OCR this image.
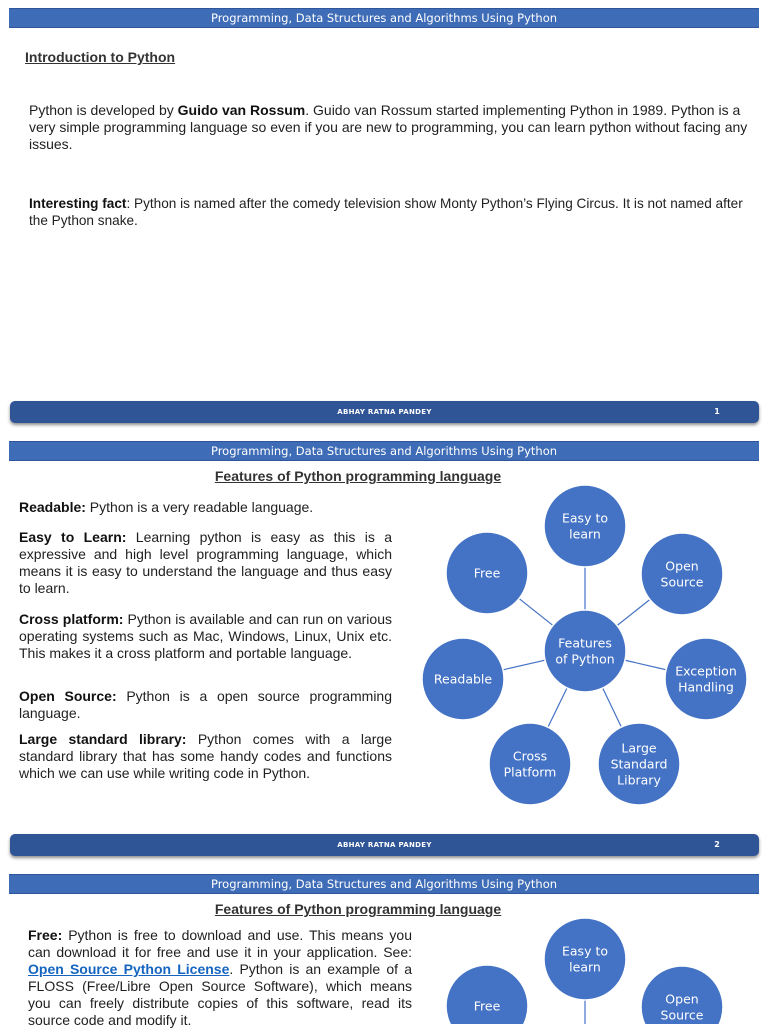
Programming, Data Structures and Algorithms Using Python
Introduction to Python
Python is developed by Guido van Rossum. Guido van Rossum started implementing Python in 1989. Python is a very simple programming language so even if you are new to programming, you can learn python without facing any issues.
Interesting fact: Python is named after the comedy television show Monty Python’s Flying Circus. It is not named after the Python snake.
ABHAY RATNA PANDEY	1
Programming, Data Structures and Algorithms Using Python
Features of Python programming language
Readable: Python is a very readable language.
Easy to Learn: Learning python is easy as this is a expressive and high level programming language, which means it is easy to understand the language and thus easy to learn.
Cross platform: Python is available and can run on various operating systems such as Mac, Windows, Linux, Unix etc. This makes it a cross platform and portable language.
Open Source: Python is a open source programming language.
Large standard library: Python comes with a large standard library that has some handy codes and functions which we can use while writing code in Python.
Features
of Python
Easy to
learn
Open
Source
Exception
Handling
Large
Standard
Library
Cross
Platform
Readable
Free
ABHAY RATNA PANDEY	2
Programming, Data Structures and Algorithms Using Python
Features of Python programming language
Free: Python is free to download and use. This means you can download it for free and use it in your application. See: Open Source Python License. Python is an example of a FLOSS (Free/Libre Open Source Software), which means you can freely distribute copies of this software, read its source code and modify it.
Easy to
learn
Open
Source
Free
